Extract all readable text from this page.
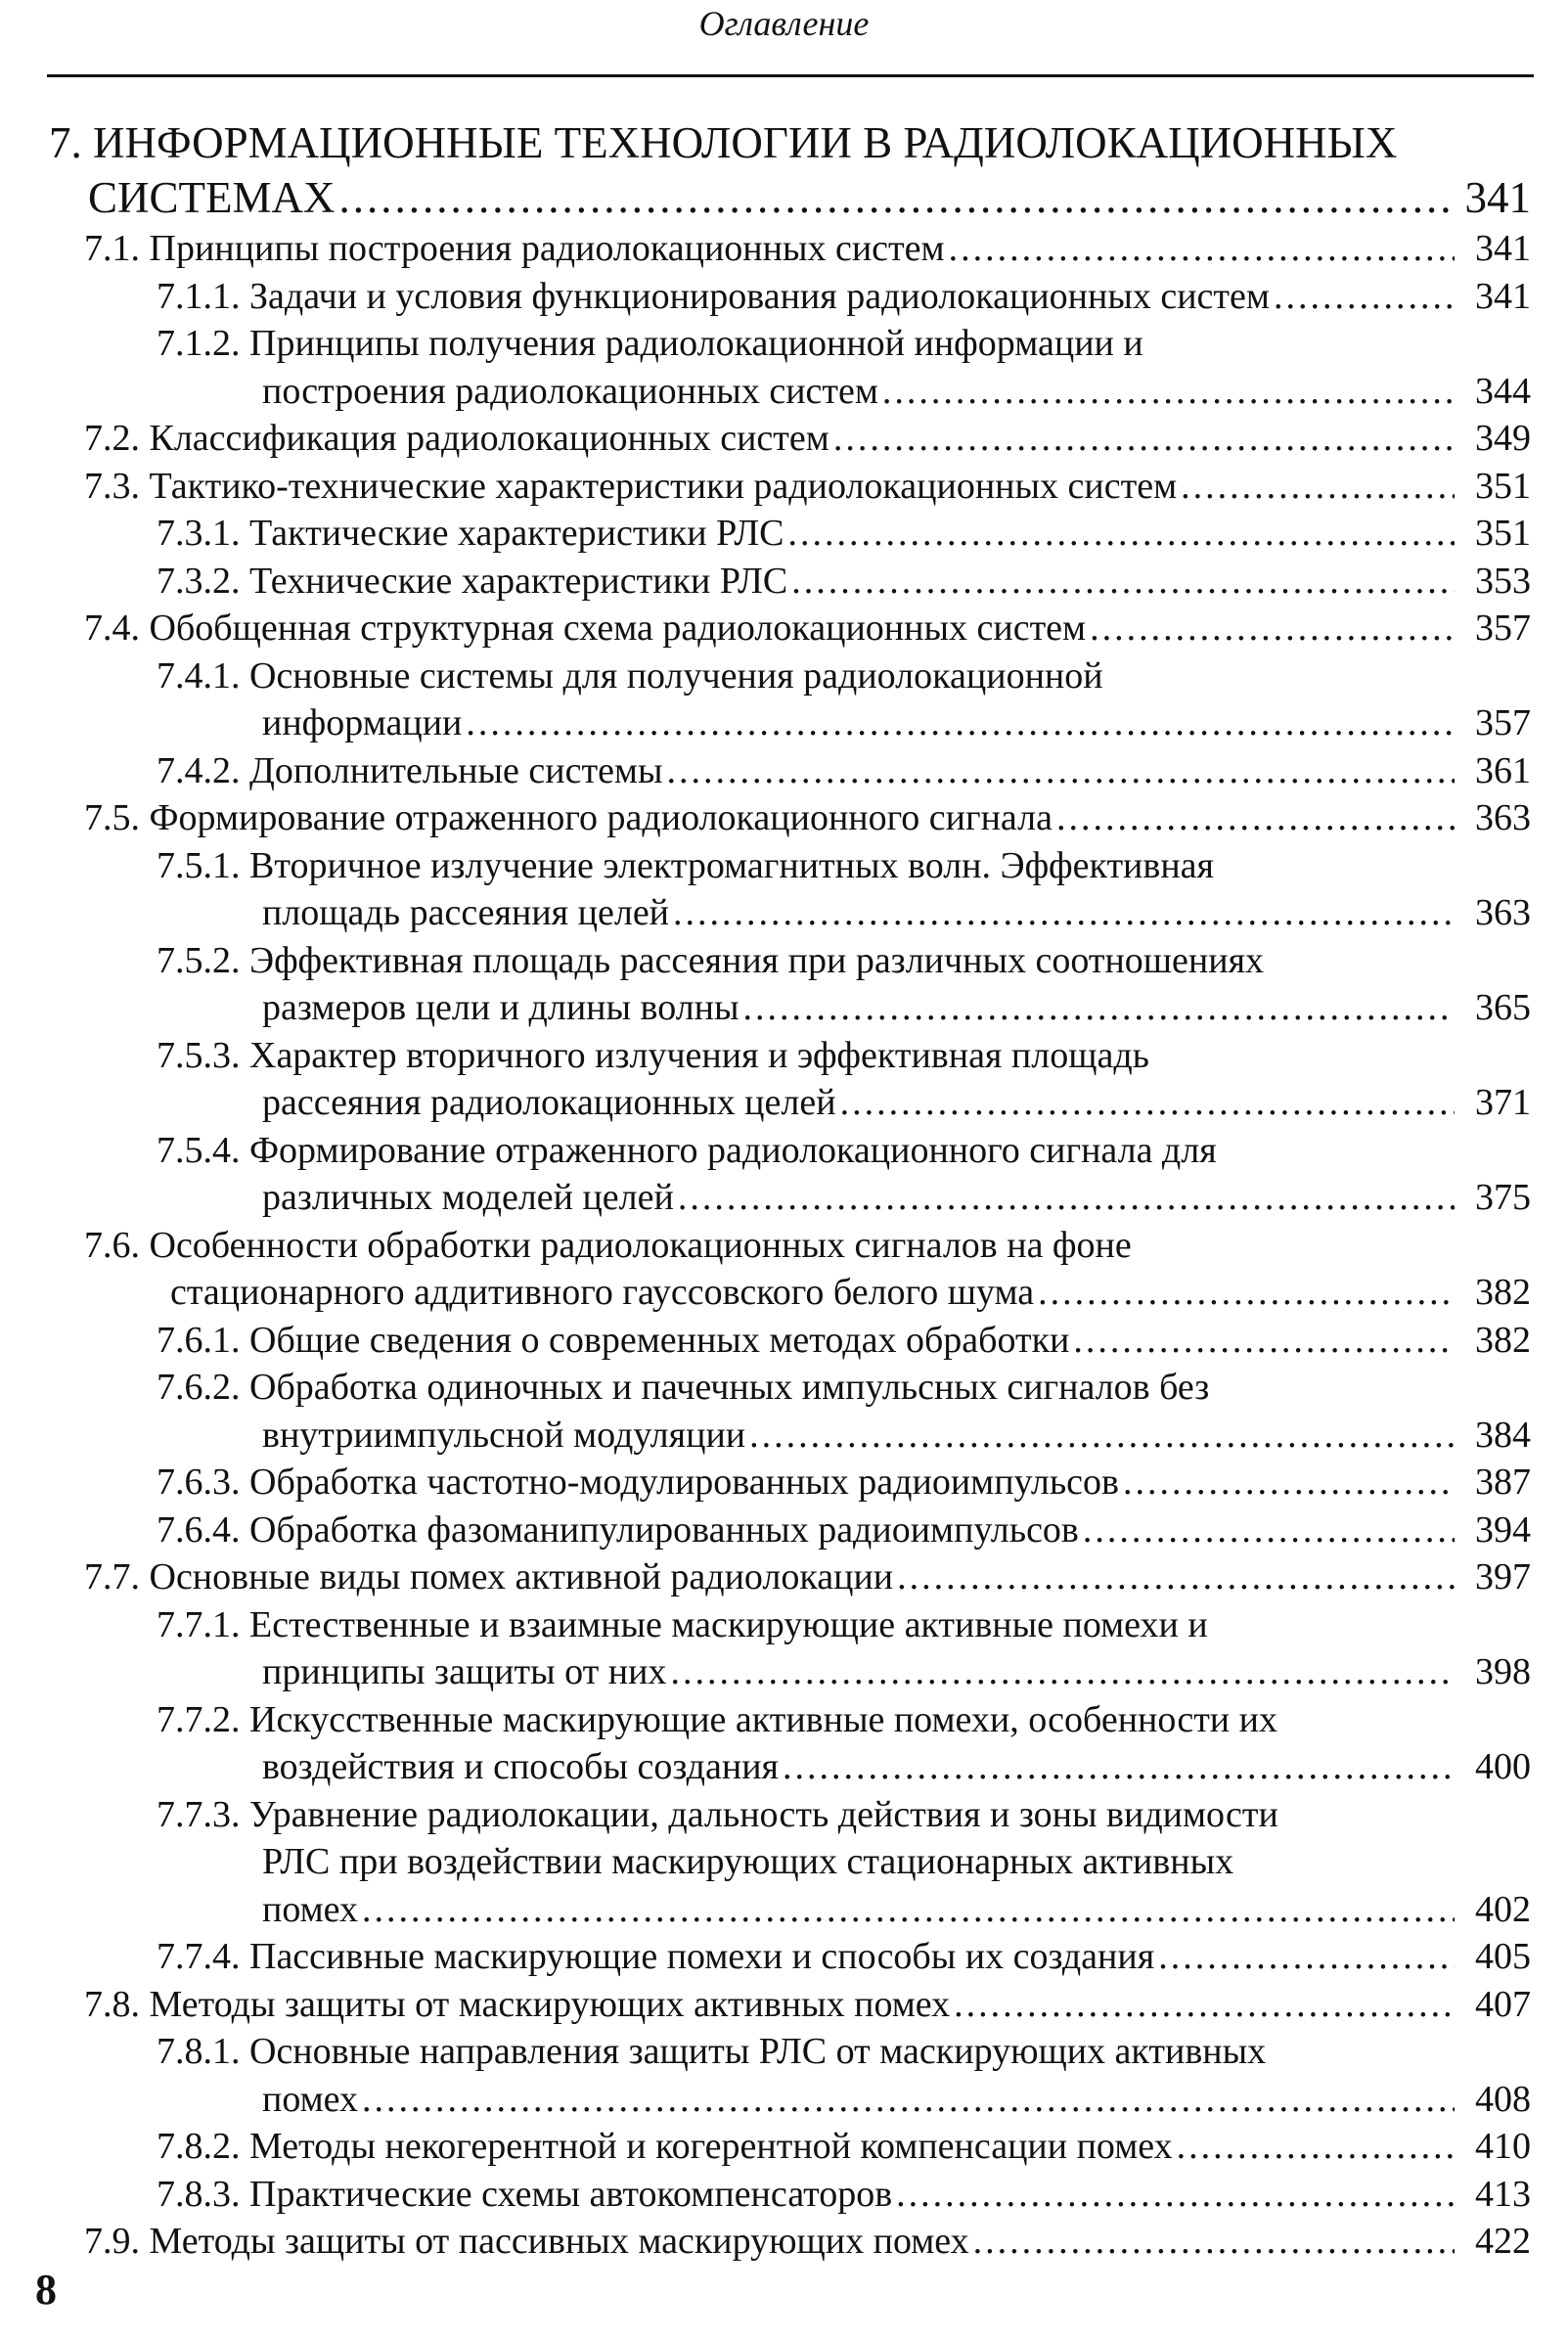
Оглавление
7. ИНФОРМАЦИОННЫЕ ТЕХНОЛОГИИ В РАДИОЛОКАЦИОННЫХ
СИСТЕМАХ .....	341
7.1. Принципы построения радиолокационных систем .....	341
7.1.1. Задачи и условия функционирования радиолокационных систем .....	341
7.1.2. Принципы получения радиолокационной информации и
построения радиолокационных систем .....	344
7.2. Классификация радиолокационных систем .....	349
7.3. Тактико-технические характеристики радиолокационных систем .....	351
7.3.1. Тактические характеристики РЛС .....	351
7.3.2. Технические характеристики РЛС .....	353
7.4. Обобщенная структурная схема радиолокационных систем .....	357
7.4.1. Основные системы для получения радиолокационной
информации .....	357
7.4.2. Дополнительные системы .....	361
7.5. Формирование отраженного радиолокационного сигнала .....	363
7.5.1. Вторичное излучение электромагнитных волн. Эффективная
площадь рассеяния целей .....	363
7.5.2. Эффективная площадь рассеяния при различных соотношениях
размеров цели и длины волны .....	365
7.5.3. Характер вторичного излучения и эффективная площадь
рассеяния радиолокационных целей .....	371
7.5.4. Формирование отраженного радиолокационного сигнала для
различных моделей целей .....	375
7.6. Особенности обработки радиолокационных сигналов на фоне
стационарного аддитивного гауссовского белого шума .....	382
7.6.1. Общие сведения о современных методах обработки .....	382
7.6.2. Обработка одиночных и пачечных импульсных сигналов без
внутриимпульсной модуляции .....	384
7.6.3. Обработка частотно-модулированных радиоимпульсов .....	387
7.6.4. Обработка фазоманипулированных радиоимпульсов .....	394
7.7. Основные виды помех активной радиолокации .....	397
7.7.1. Естественные и взаимные маскирующие активные помехи и
принципы защиты от них .....	398
7.7.2. Искусственные маскирующие активные помехи, особенности их
воздействия и способы создания .....	400
7.7.3. Уравнение радиолокации, дальность действия и зоны видимости
РЛС при воздействии маскирующих стационарных активных
помех .....	402
7.7.4. Пассивные маскирующие помехи и способы их создания .....	405
7.8. Методы защиты от маскирующих активных помех .....	407
7.8.1. Основные направления защиты РЛС от маскирующих активных
помех .....	408
7.8.2. Методы некогерентной и когерентной компенсации помех .....	410
7.8.3. Практические схемы автокомпенсаторов .....	413
7.9. Методы защиты от пассивных маскирующих помех .....	422
8
